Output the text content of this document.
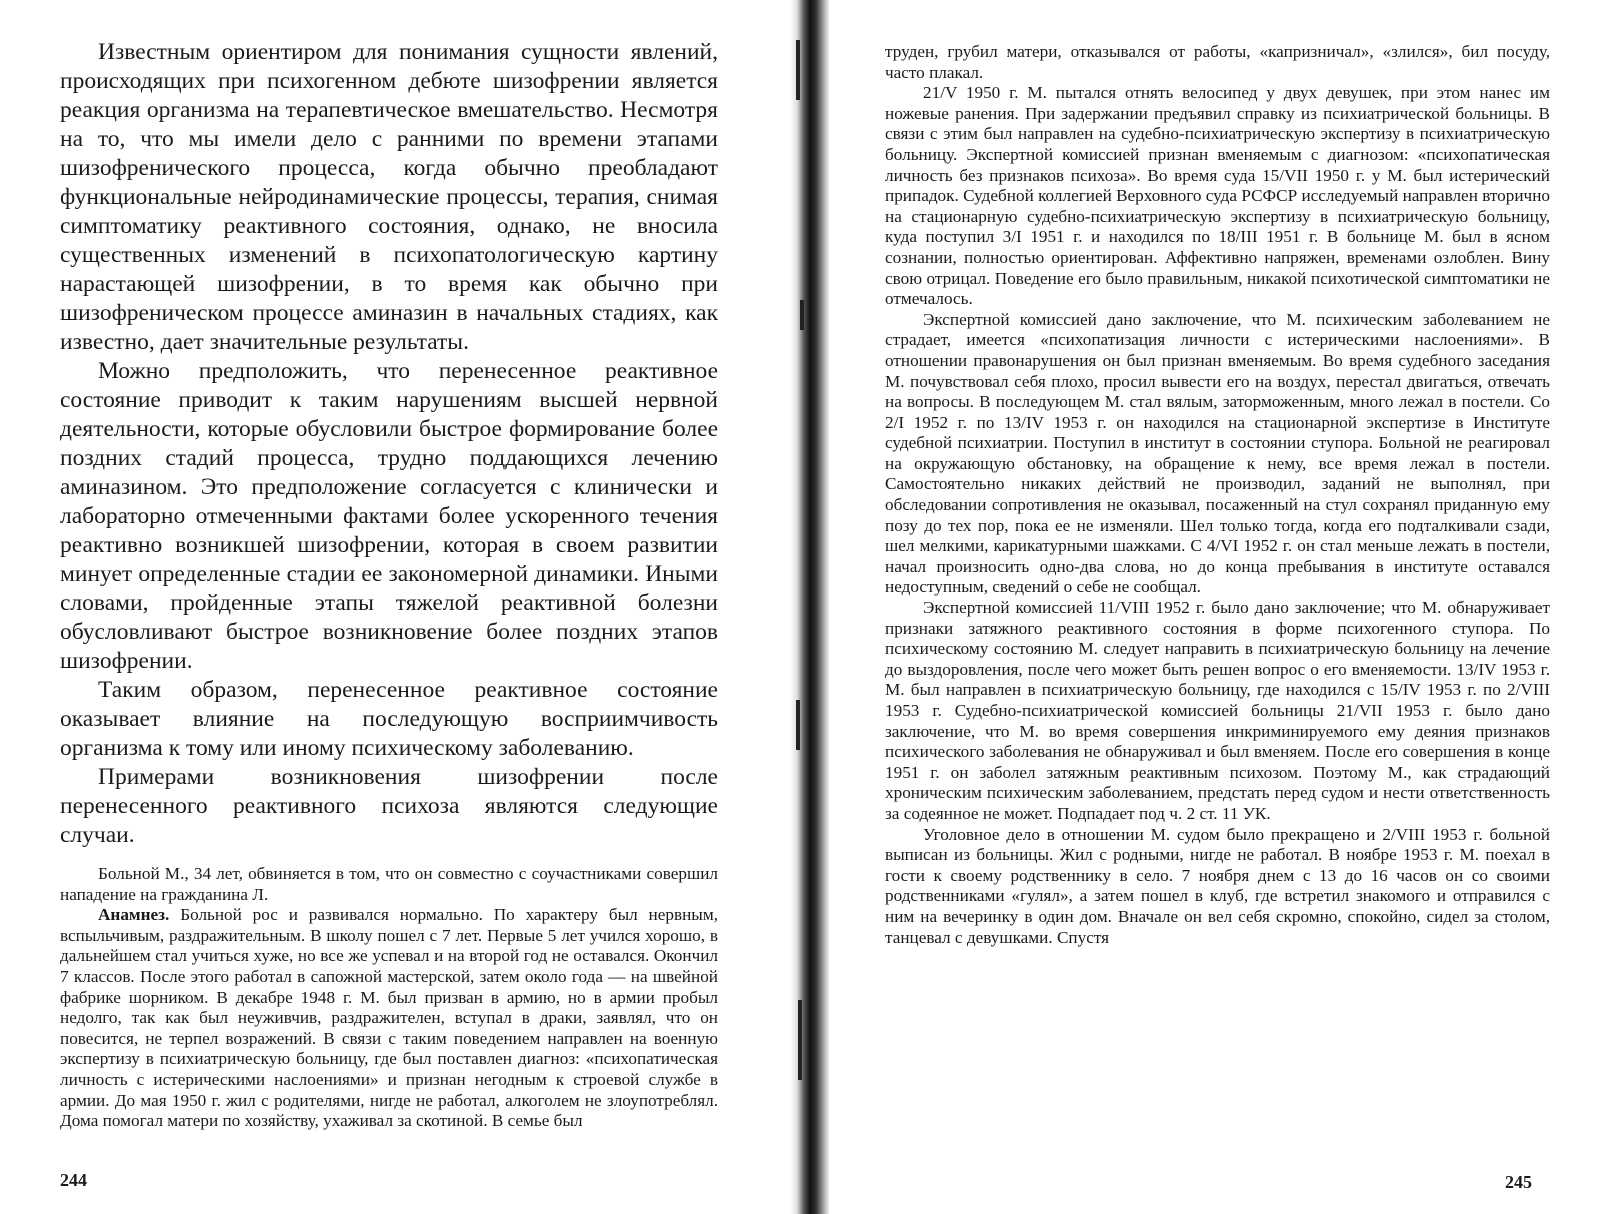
Известным ориентиром для понимания сущности явлений, происходящих при психогенном дебюте шизофрении является реакция организма на терапевтическое вмешательство. Несмотря на то, что мы имели дело с ранними по времени этапами шизофренического процесса, когда обычно преобладают функциональные нейродинамические процессы, терапия, снимая симптоматику реактивного состояния, однако, не вносила существенных изменений в психопатологическую картину нарастающей шизофрении, в то время как обычно при шизофреническом процессе аминазин в начальных стадиях, как известно, дает значительные результаты.

Можно предположить, что перенесенное реактивное состояние приводит к таким нарушениям высшей нервной деятельности, которые обусловили быстрое формирование более поздних стадий процесса, трудно поддающихся лечению аминазином. Это предположение согласуется с клинически и лабораторно отмеченными фактами более ускоренного течения реактивно возникшей шизофрении, которая в своем развитии минует определенные стадии ее закономерной динамики. Иными словами, пройденные этапы тяжелой реактивной болезни обусловливают быстрое возникновение более поздних этапов шизофрении.

Таким образом, перенесенное реактивное состояние оказывает влияние на последующую восприимчивость организма к тому или иному психическому заболеванию.

Примерами возникновения шизофрении после перенесенного реактивного психоза являются следующие случаи.

Больной М., 34 лет, обвиняется в том, что он совместно с соучастниками совершил нападение на гражданина Л.

Анамнез. Больной рос и развивался нормально. По характеру был нервным, вспыльчивым, раздражительным. В школу пошел с 7 лет. Первые 5 лет учился хорошо, в дальнейшем стал учиться хуже, но все же успевал и на второй год не оставался. Окончил 7 классов. После этого работал в сапожной мастерской, затем около года — на швейной фабрике шорником. В декабре 1948 г. М. был призван в армию, но в армии пробыл недолго, так как был неуживчив, раздражителен, вступал в драки, заявлял, что он повесится, не терпел возражений. В связи с таким поведением направлен на военную экспертизу в психиатрическую больницу, где был поставлен диагноз: «психопатическая личность с истерическими наслоениями» и признан негодным к строевой службе в армии. До мая 1950 г. жил с родителями, нигде не работал, алкоголем не злоупотреблял. Дома помогал матери по хозяйству, ухаживал за скотиной. В семье был

244

труден, грубил матери, отказывался от работы, «капризничал», «злился», бил посуду, часто плакал.

21/V 1950 г. М. пытался отнять велосипед у двух девушек, при этом нанес им ножевые ранения. При задержании предъявил справку из психиатрической больницы. В связи с этим был направлен на судебно-психиатрическую экспертизу в психиатрическую больницу. Экспертной комиссией признан вменяемым с диагнозом: «психопатическая личность без признаков психоза». Во время суда 15/VII 1950 г. у М. был истерический припадок. Судебной коллегией Верховного суда РСФСР исследуемый направлен вторично на стационарную судебно-психиатрическую экспертизу в психиатрическую больницу, куда поступил 3/I 1951 г. и находился по 18/III 1951 г. В больнице М. был в ясном сознании, полностью ориентирован. Аффективно напряжен, временами озлоблен. Вину свою отрицал. Поведение его было правильным, никакой психотической симптоматики не отмечалось.

Экспертной комиссией дано заключение, что М. психическим заболеванием не страдает, имеется «психопатизация личности с истерическими наслоениями». В отношении правонарушения он был признан вменяемым. Во время судебного заседания М. почувствовал себя плохо, просил вывести его на воздух, перестал двигаться, отвечать на вопросы. В последующем М. стал вялым, заторможенным, много лежал в постели. Со 2/I 1952 г. по 13/IV 1953 г. он находился на стационарной экспертизе в Институте судебной психиатрии. Поступил в институт в состоянии ступора. Больной не реагировал на окружающую обстановку, на обращение к нему, все время лежал в постели. Самостоятельно никаких действий не производил, заданий не выполнял, при обследовании сопротивления не оказывал, посаженный на стул сохранял приданную ему позу до тех пор, пока ее не изменяли. Шел только тогда, когда его подталкивали сзади, шел мелкими, карикатурными шажками. С 4/VI 1952 г. он стал меньше лежать в постели, начал произносить одно-два слова, но до конца пребывания в институте оставался недоступным, сведений о себе не сообщал.

Экспертной комиссией 11/VIII 1952 г. было дано заключение; что М. обнаруживает признаки затяжного реактивного состояния в форме психогенного ступора. По психическому состоянию М. следует направить в психиатрическую больницу на лечение до выздоровления, после чего может быть решен вопрос о его вменяемости. 13/IV 1953 г. М. был направлен в психиатрическую больницу, где находился с 15/IV 1953 г. по 2/VIII 1953 г. Судебно-психиатрической комиссией больницы 21/VII 1953 г. было дано заключение, что М. во время совершения инкриминируемого ему деяния признаков психического заболевания не обнаруживал и был вменяем. После его совершения в конце 1951 г. он заболел затяжным реактивным психозом. Поэтому М., как страдающий хроническим психическим заболеванием, предстать перед судом и нести ответственность за содеянное не может. Подпадает под ч. 2 ст. 11 УК.

Уголовное дело в отношении М. судом было прекращено и 2/VIII 1953 г. больной выписан из больницы. Жил с родными, нигде не работал. В ноябре 1953 г. М. поехал в гости к своему родственнику в село. 7 ноября днем с 13 до 16 часов он со своими родственниками «гулял», а затем пошел в клуб, где встретил знакомого и отправился с ним на вечеринку в один дом. Вначале он вел себя скромно, спокойно, сидел за столом, танцевал с девушками. Спустя

245
